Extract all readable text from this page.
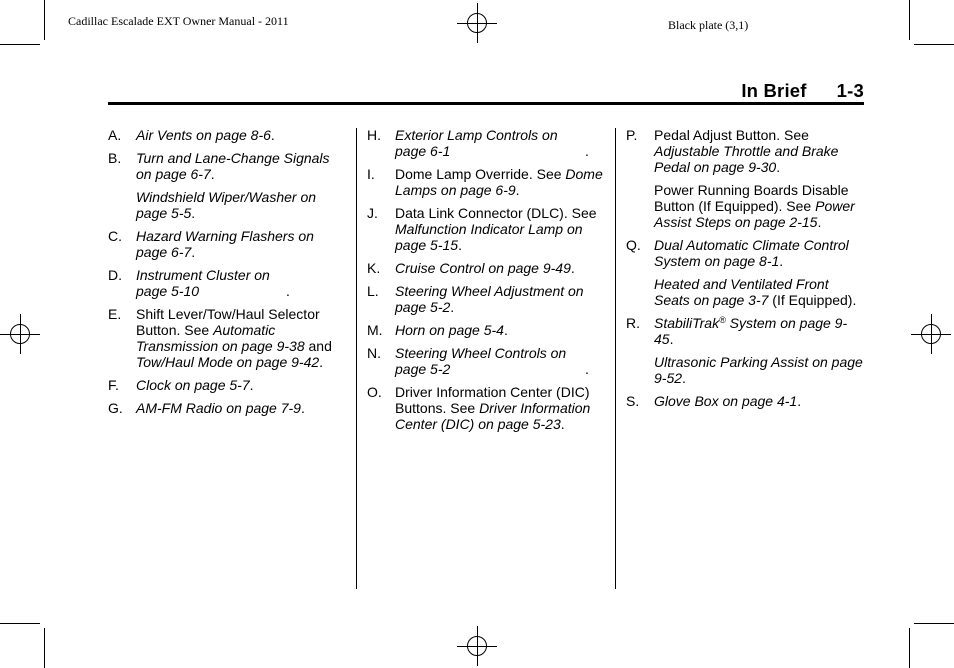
Cadillac Escalade EXT Owner Manual - 2011	Black plate (3,1)
In Brief 1-3
A. Air Vents on page 8-6.
B. Turn and Lane-Change Signals on page 6-7.
Windshield Wiper/Washer on page 5-5.
C. Hazard Warning Flashers on page 6-7.
D. Instrument Cluster on page 5-10	.
E. Shift Lever/Tow/Haul Selector Button. See Automatic Transmission on page 9-38 and Tow/Haul Mode on page 9-42.
F. Clock on page 5-7.
G. AM-FM Radio on page 7-9.
H. Exterior Lamp Controls on page 6-1	.
I. Dome Lamp Override. See Dome Lamps on page 6-9.
J. Data Link Connector (DLC). See Malfunction Indicator Lamp on page 5-15.
K. Cruise Control on page 9-49.
L. Steering Wheel Adjustment on page 5-2.
M. Horn on page 5-4.
N. Steering Wheel Controls on page 5-2	.
O. Driver Information Center (DIC) Buttons. See Driver Information Center (DIC) on page 5-23.
P. Pedal Adjust Button. See Adjustable Throttle and Brake Pedal on page 9-30.
Power Running Boards Disable Button (If Equipped). See Power Assist Steps on page 2-15.
Q. Dual Automatic Climate Control System on page 8-1.
Heated and Ventilated Front Seats on page 3-7 (If Equipped).
R. StabiliTrak® System on page 9-45.
Ultrasonic Parking Assist on page 9-52.
S. Glove Box on page 4-1.
